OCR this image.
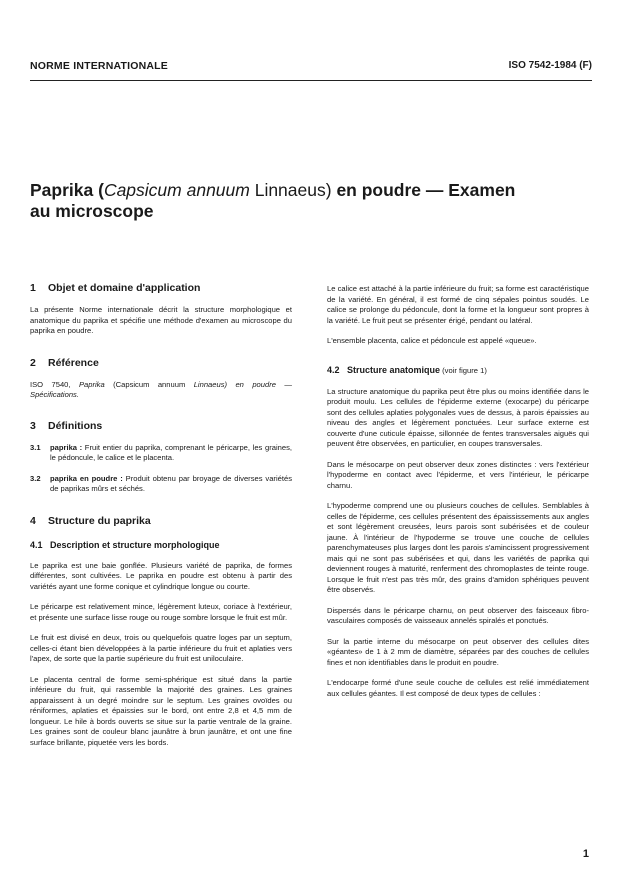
NORME INTERNATIONALE	ISO 7542-1984 (F)
Paprika (Capsicum annuum Linnaeus) en poudre — Examen
au microscope
1 Objet et domaine d'application

La présente Norme internationale décrit la structure morphologique et anatomique du paprika et spécifie une méthode d'examen au microscope du paprika en poudre.

2 Référence

ISO 7540, Paprika (Capsicum annuum Linnaeus) en poudre — Spécifications.

3 Définitions
3.1	paprika : Fruit entier du paprika, comprenant le péricarpe, les graines, le pédoncule, le calice et le placenta.

3.2	paprika en poudre : Produit obtenu par broyage de diverses variétés de paprikas mûrs et séchés.

4 Structure du paprika
4.1 Description et structure morphologique

Le paprika est une baie gonflée. Plusieurs variété de paprika, de formes différentes, sont cultivées. Le paprika en poudre est obtenu à partir des variétés ayant une forme conique et cylindrique longue ou courte.

Le péricarpe est relativement mince, légèrement luteux, coriace à l'extérieur, et présente une surface lisse rouge ou rouge sombre lorsque le fruit est mûr.

Le fruit est divisé en deux, trois ou quelquefois quatre loges par un septum, celles-ci étant bien développées à la partie inférieure du fruit et aplaties vers l'apex, de sorte que la partie supérieure du fruit est uniloculaire.

Le placenta central de forme semi-sphérique est situé dans la partie inférieure du fruit, qui rassemble la majorité des graines. Les graines apparaissent à un degré moindre sur le septum. Les graines ovoïdes ou réniformes, aplaties et épaissies sur le bord, ont entre 2,8 et 4,5 mm de longueur. Le hile à bords ouverts se situe sur la partie ventrale de la graine. Les graines sont de couleur blanc jaunâtre à brun jaunâtre, et ont une fine surface brillante, piquetée vers les bords.

Le calice est attaché à la partie inférieure du fruit; sa forme est caractéristique de la variété. En général, il est formé de cinq sépales pointus soudés. Le calice se prolonge du pédoncule, dont la forme et la longueur sont propres à la variété. Le fruit peut se présenter érigé, pendant ou latéral.

L'ensemble placenta, calice et pédoncule est appelé «queue».

4.2 Structure anatomique (voir figure 1)

La structure anatomique du paprika peut être plus ou moins identifiée dans le produit moulu. Les cellules de l'épiderme externe (exocarpe) du péricarpe sont des cellules aplaties polygonales vues de dessus, à parois épaissies au niveau des angles et légèrement ponctuées. Leur surface externe est couverte d'une cuticule épaisse, sillonnée de fentes transversales aiguës qui peuvent être observées, en particulier, en coupes transversales.

Dans le mésocarpe on peut observer deux zones distinctes : vers l'extérieur l'hypoderme en contact avec l'épiderme, et vers l'intérieur, le péricarpe charnu.

L'hypoderme comprend une ou plusieurs couches de cellules. Semblables à celles de l'épiderme, ces cellules présentent des épaississements aux angles et sont légèrement creusées, leurs parois sont subérisées et de couleur jaune. À l'intérieur de l'hypoderme se trouve une couche de cellules parenchymateuses plus larges dont les parois s'amincissent progressivement mais qui ne sont pas subérisées et qui, dans les variétés de paprika qui deviennent rouges à maturité, renferment des chromoplastes de teinte rouge. Lorsque le fruit n'est pas très mûr, des grains d'amidon sphériques peuvent être observés.

Dispersés dans le péricarpe charnu, on peut observer des faisceaux fibro-vasculaires composés de vaisseaux annelés spiralés et ponctués.

Sur la partie interne du mésocarpe on peut observer des cellules dites «géantes» de 1 à 2 mm de diamètre, séparées par des couches de cellules fines et non identifiables dans le produit en poudre.

L'endocarpe formé d'une seule couche de cellules est relié immédiatement aux cellules géantes. Il est composé de deux types de cellules :

1
